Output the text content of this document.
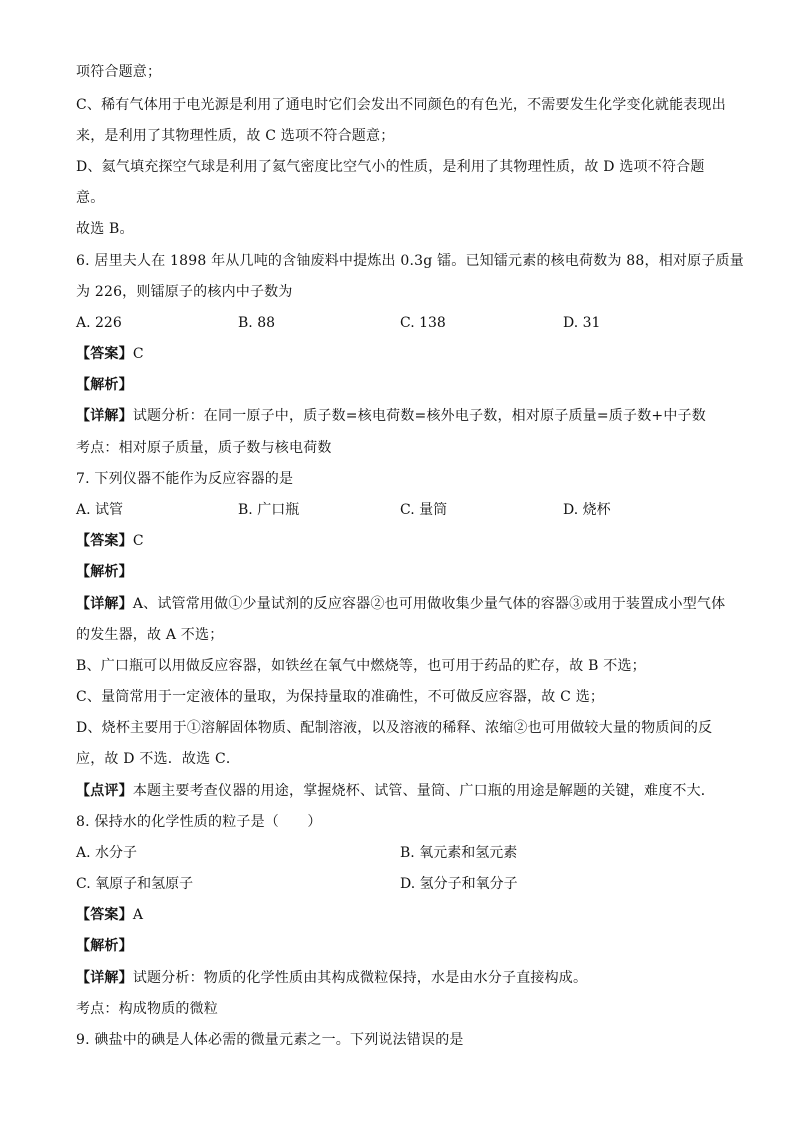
项符合题意；
C、稀有气体用于电光源是利用了通电时它们会发出不同颜色的有色光，不需要发生化学变化就能表现出
来，是利用了其物理性质，故 C 选项不符合题意；
D、氦气填充探空气球是利用了氦气密度比空气小的性质，是利用了其物理性质，故 D 选项不符合题
意。
故选 B。
6. 居里夫人在 1898 年从几吨的含铀废料中提炼出 0.3g 镭。已知镭元素的核电荷数为 88，相对原子质量
为 226，则镭原子的核内中子数为
A. 226	B. 88	C. 138	D. 31
【答案】C
【解析】
【详解】试题分析：在同一原子中，质子数=核电荷数=核外电子数，相对原子质量=质子数+中子数
考点：相对原子质量，质子数与核电荷数
7. 下列仪器不能作为反应容器的是
A. 试管	B. 广口瓶	C. 量筒	D. 烧杯
【答案】C
【解析】
【详解】A、试管常用做①少量试剂的反应容器②也可用做收集少量气体的容器③或用于装置成小型气体
的发生器，故 A 不选；
B、广口瓶可以用做反应容器，如铁丝在氧气中燃烧等，也可用于药品的贮存，故 B 不选；
C、量筒常用于一定液体的量取，为保持量取的准确性，不可做反应容器，故 C 选；
D、烧杯主要用于①溶解固体物质、配制溶液，以及溶液的稀释、浓缩②也可用做较大量的物质间的反
应，故 D 不选．故选 C．
【点评】本题主要考查仪器的用途，掌握烧杯、试管、量筒、广口瓶的用途是解题的关键，难度不大．
8. 保持水的化学性质的粒子是（　　）
A. 水分子	B. 氧元素和氢元素
C. 氧原子和氢原子	D. 氢分子和氧分子
【答案】A
【解析】
【详解】试题分析：物质的化学性质由其构成微粒保持，水是由水分子直接构成。
考点：构成物质的微粒
9. 碘盐中的碘是人体必需的微量元素之一。下列说法错误的是
